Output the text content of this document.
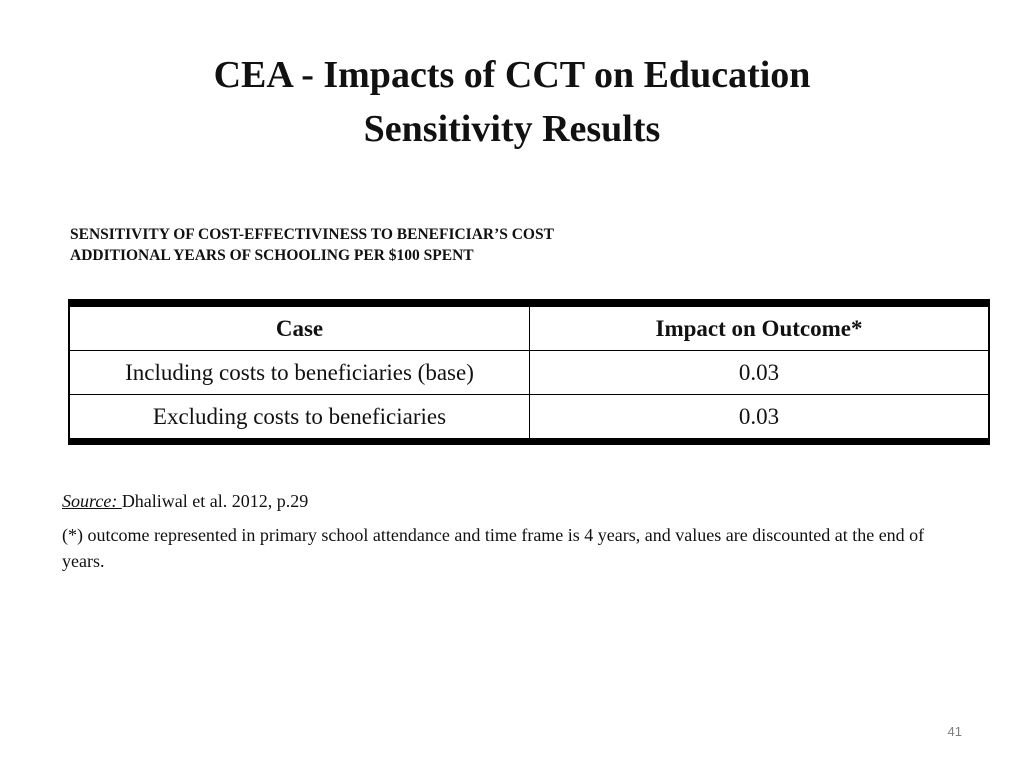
CEA - Impacts of CCT on Education
Sensitivity Results
SENSITIVITY OF COST-EFFECTIVINESS TO BENEFICIAR’S COST
ADDITIONAL YEARS OF SCHOOLING PER $100 SPENT
Case	Impact on Outcome*
Including costs to beneficiaries (base)	0.03
Excluding costs to beneficiaries	0.03
Source: Dhaliwal et al. 2012, p.29
(*) outcome represented in primary school attendance and time frame is 4 years, and values are discounted at the end of years.
41
